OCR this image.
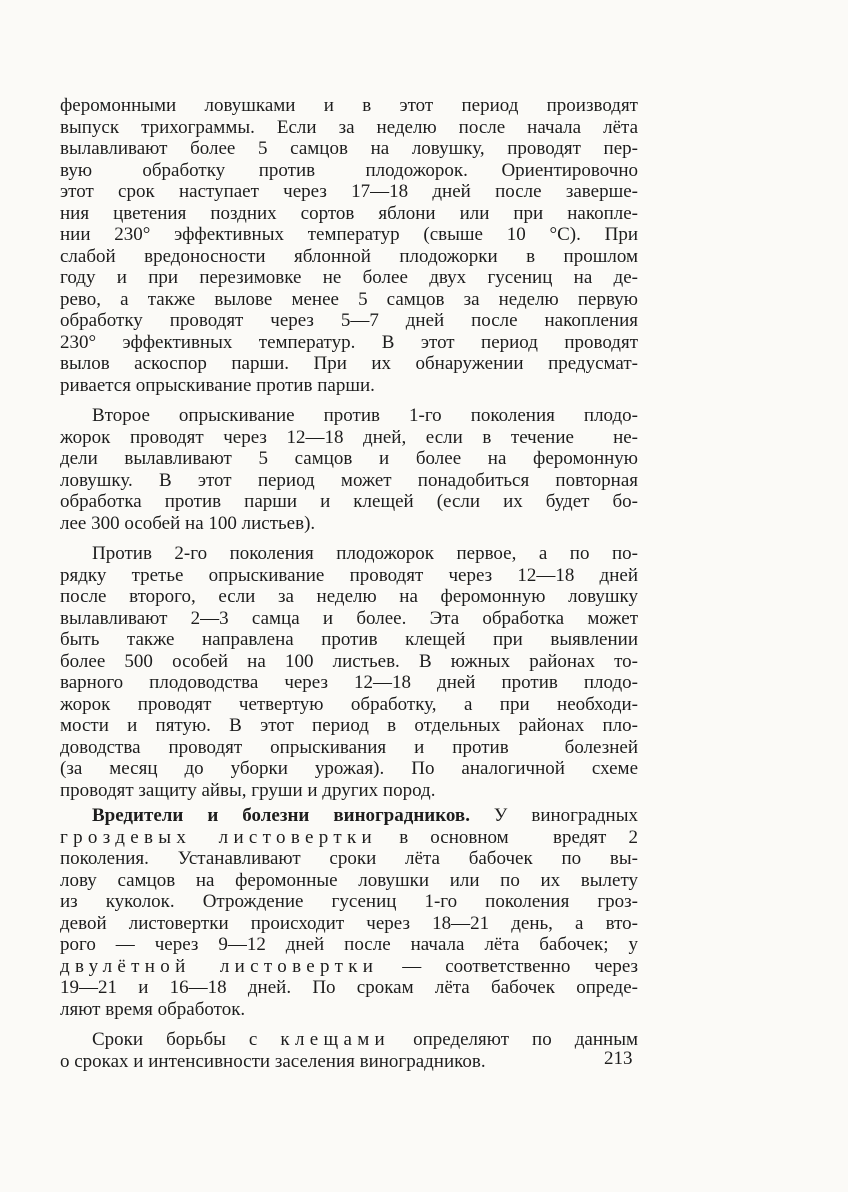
феромонными ловушками и в этот период производят
выпуск трихограммы. Если за неделю после начала лёта
вылавливают более 5 самцов на ловушку, проводят пер-
вую   обработку  против   плодожорок.  Ориентировочно
этот  срок  наступает  через  17—18  дней  после  заверше-
ния цветения поздних сортов яблони или при накопле-
нии 230° эффективных температур (свыше 10 °С). При
слабой вредоносности яблонной плодожорки в прошлом
году и при перезимовке не более двух гусениц на де-
рево, а также вылове менее 5 самцов за неделю первую
обработку проводят через 5—7 дней после накопления
230° эффективных температур. В этот период проводят
вылов аскоспор парши. При их обнаружении предусмат-
ривается опрыскивание против парши.
Второе опрыскивание против 1-го поколения плодо-
жорок проводят через 12—18 дней, если в течение  не-
дели вылавливают 5 самцов и более на феромонную
ловушку. В этот период может понадобиться повторная
обработка против парши и клещей (если их будет бо-
лее 300 особей на 100 листьев).
Против 2-го поколения плодожорок первое, а по по-
рядку третье опрыскивание проводят через 12—18 дней
после второго, если за неделю на феромонную ловушку
вылавливают 2—3 самца и более. Эта обработка может
быть также направлена против клещей при выявлении
более 500 особей на 100 листьев. В южных районах то-
варного плодоводства через 12—18 дней против плодо-
жорок проводят четвертую обработку, а при необходи-
мости и пятую. В этот период в отдельных районах пло-
доводства проводят опрыскивания и против  болезней
(за месяц до уборки урожая). По аналогичной схеме
проводят защиту айвы, груши и других пород.
Вредители и болезни виноградников. У виноградных
гроздевых листовертки в основном  вредят 2
поколения. Устанавливают сроки лёта бабочек по вы-
лову самцов на феромонные ловушки или по их вылету
из куколок. Отрождение гусениц 1-го поколения грoз-
девой листовертки происходит через 18—21 день, а вто-
рого — через 9—12 дней после начала лёта бабочек; у
двулётной листовертки — соответственно через
19—21 и 16—18 дней. По срокам лёта бабочек опреде-
ляют время обработок.
Сроки борьбы с клещами определяют по данным
о сроках и интенсивности заселения виноградников.	213
